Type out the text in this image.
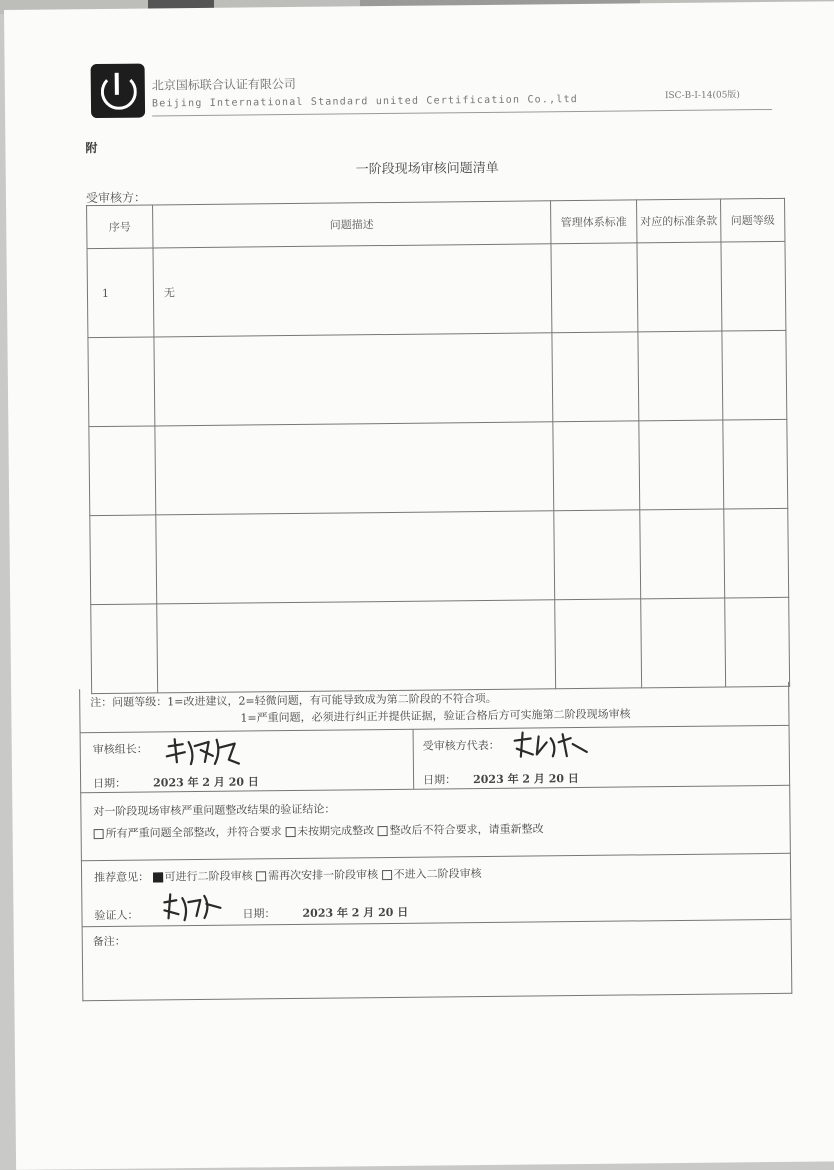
北京国标联合认证有限公司
Beijing International Standard united Certification Co.,ltd	ISC-B-I-14(05版)
附
一阶段现场审核问题清单
受审核方：
序号	问题描述	管理体系标准	对应的标准条款	问题等级
1	无			

注：问题等级：1=改进建议，2=轻微问题，有可能导致成为第二阶段的不符合项。
1=严重问题，必须进行纠正并提供证据，验证合格后方可实施第二阶段现场审核
审核组长：
日期： 2023 年 2 月 20 日
受审核方代表：
日期： 2023 年 2 月 20 日
对一阶段现场审核严重问题整改结果的验证结论：
所有严重问题全部整改，并符合要求 未按期完成整改 整改后不符合要求，请重新整改
推荐意见： 可进行二阶段审核 需再次安排一阶段审核 不进入二阶段审核
验证人：	日期： 2023 年 2 月 20 日
备注：
